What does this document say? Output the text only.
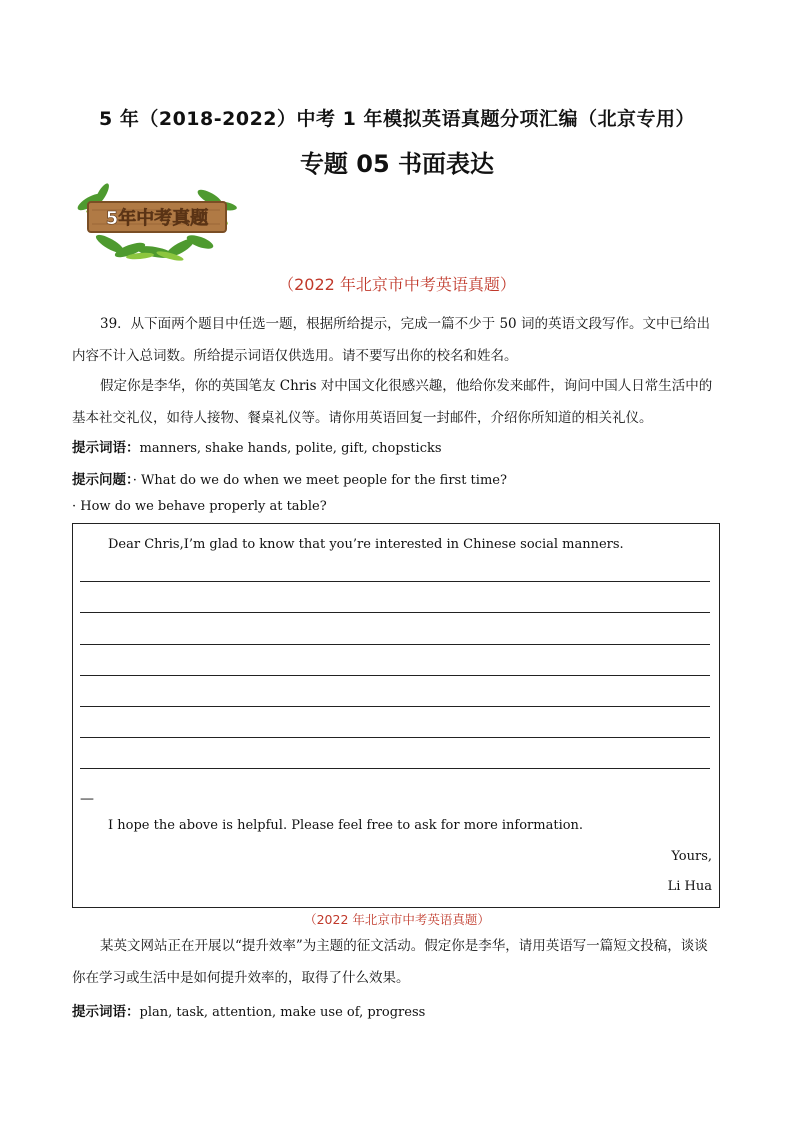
5 年（2018-2022）中考 1 年模拟英语真题分项汇编（北京专用）
专题 05 书面表达
5年中考真题
（2022 年北京市中考英语真题）
39．从下面两个题目中任选一题，根据所给提示，完成一篇不少于 50 词的英语文段写作。文中已给出内容不计入总词数。所给提示词语仅供选用。请不要写出你的校名和姓名。
假定你是李华，你的英国笔友 Chris 对中国文化很感兴趣，他给你发来邮件，询问中国人日常生活中的基本社交礼仪，如待人接物、餐桌礼仪等。请你用英语回复一封邮件，介绍你所知道的相关礼仪。
提示词语：manners, shake hands, polite, gift, chopsticks
提示问题：· What do we do when we meet people for the first time?
· How do we behave properly at table?
Dear Chris,I’m glad to know that you’re interested in Chinese social manners.
—
I hope the above is helpful. Please feel free to ask for more information.
Yours,
Li Hua
（2022 年北京市中考英语真题）
某英文网站正在开展以“提升效率”为主题的征文活动。假定你是李华，请用英语写一篇短文投稿，谈谈你在学习或生活中是如何提升效率的，取得了什么效果。
提示词语：plan, task, attention, make use of, progress
